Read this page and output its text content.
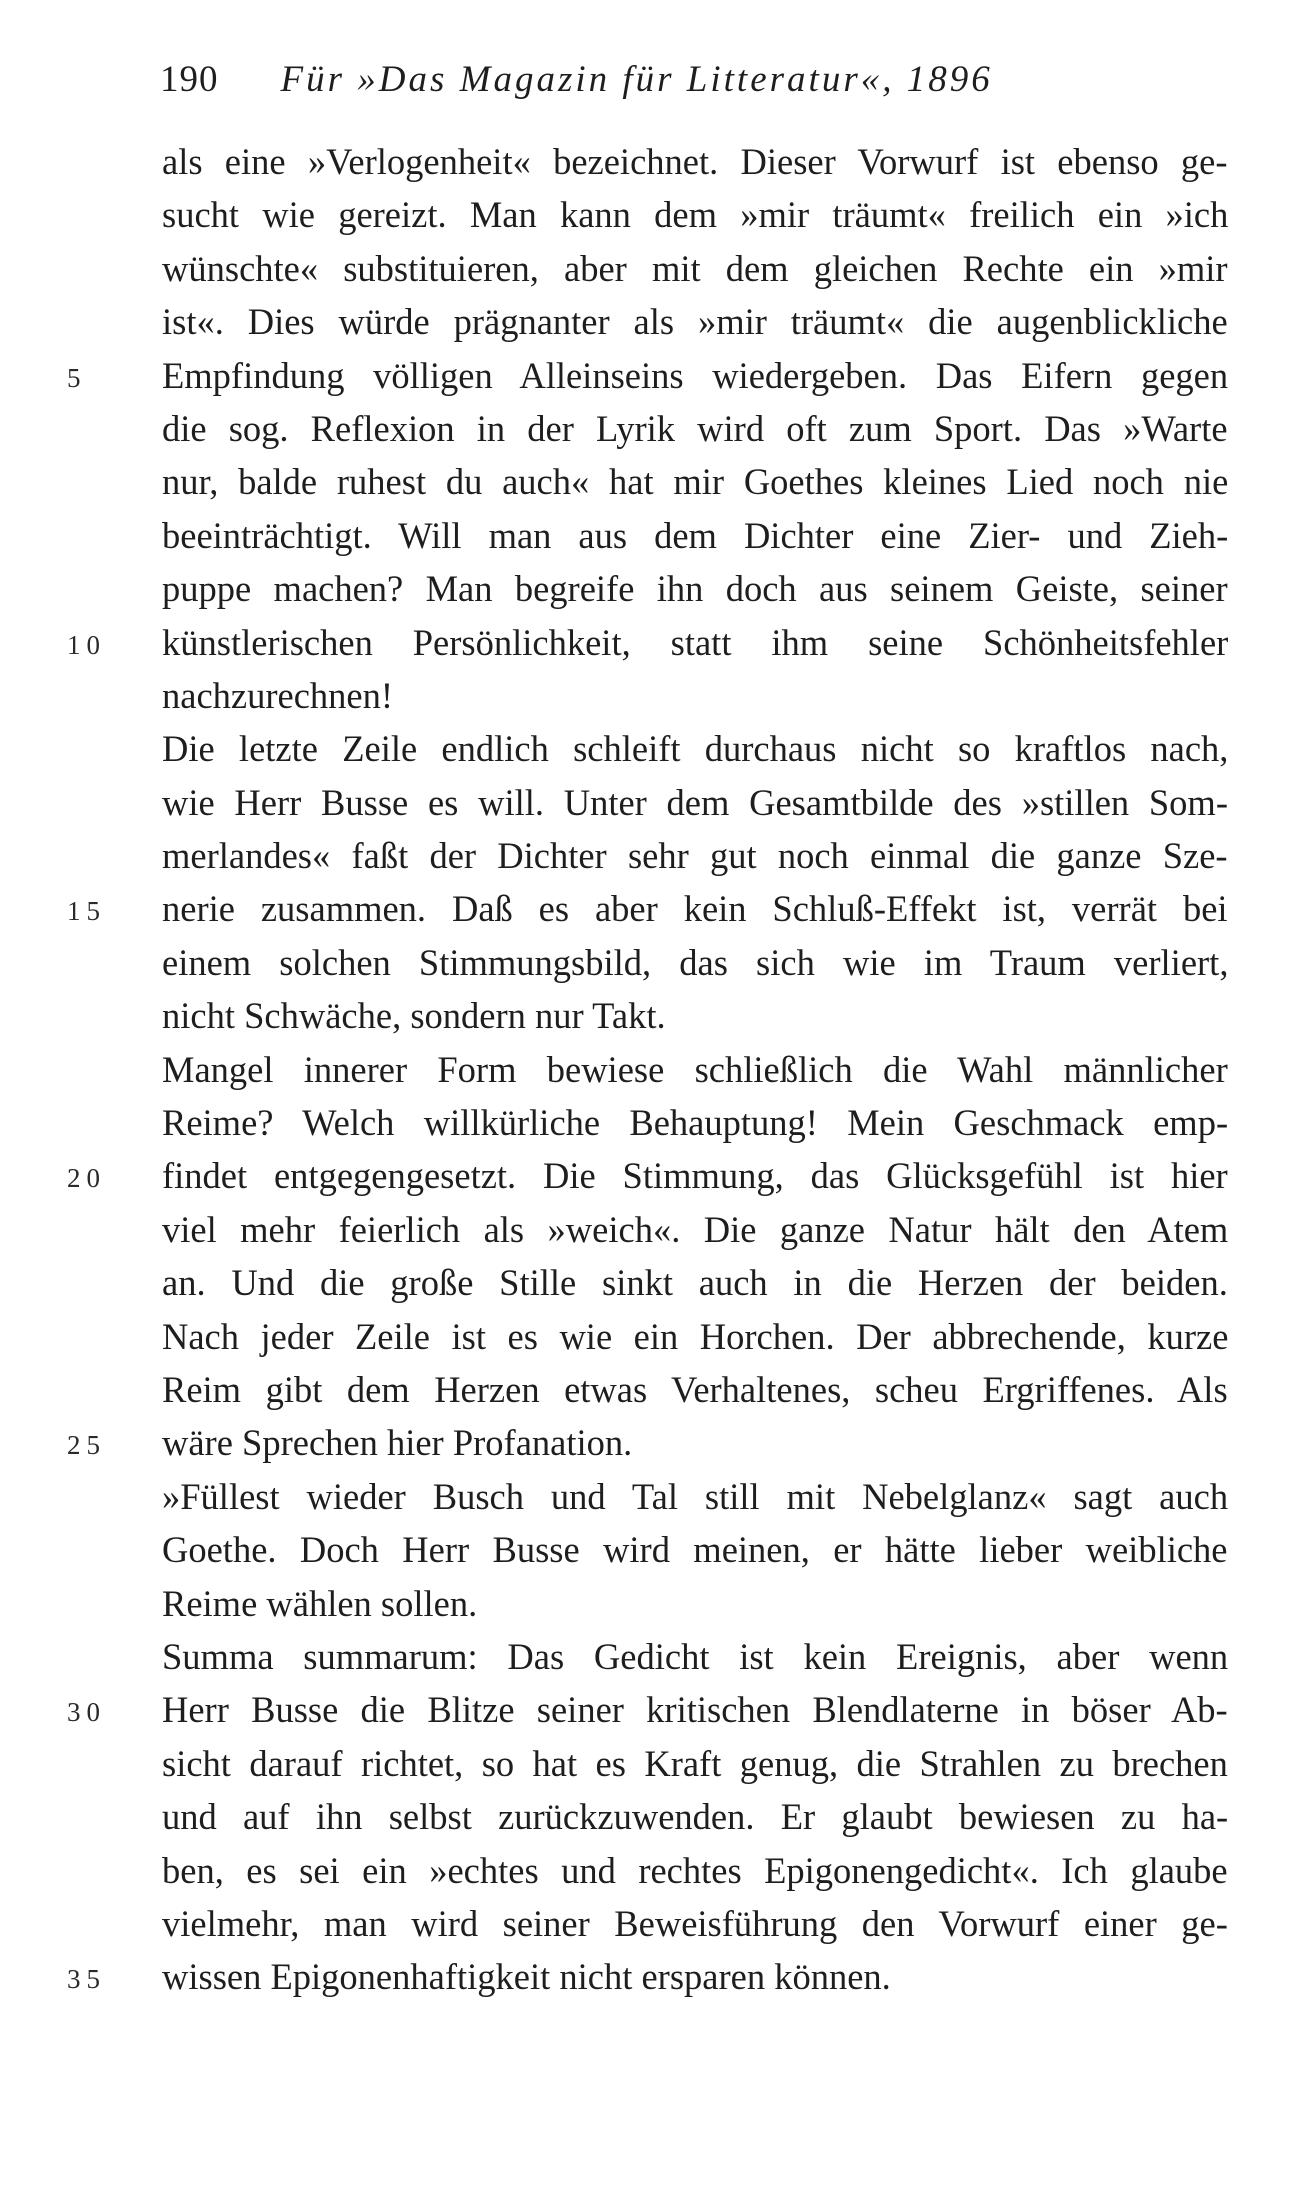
190 Für »Das Magazin für Litteratur«, 1896
als eine »Verlogenheit« bezeichnet. Dieser Vorwurf ist ebenso ge-
sucht wie gereizt. Man kann dem »mir träumt« freilich ein »ich
wünschte« substituieren, aber mit dem gleichen Rechte ein »mir
ist«. Dies würde prägnanter als »mir träumt« die augenblickliche
5	Empfindung völligen Alleinseins wiedergeben. Das Eifern gegen
die sog. Reflexion in der Lyrik wird oft zum Sport. Das »Warte
nur, balde ruhest du auch« hat mir Goethes kleines Lied noch nie
beeinträchtigt. Will man aus dem Dichter eine Zier- und Zieh-
puppe machen? Man begreife ihn doch aus seinem Geiste, seiner
10	künstlerischen Persönlichkeit, statt ihm seine Schönheitsfehler
nachzurechnen!
Die letzte Zeile endlich schleift durchaus nicht so kraftlos nach,
wie Herr Busse es will. Unter dem Gesamtbilde des »stillen Som-
merlandes« faßt der Dichter sehr gut noch einmal die ganze Sze-
15	nerie zusammen. Daß es aber kein Schluß-Effekt ist, verrät bei
einem solchen Stimmungsbild, das sich wie im Traum verliert,
nicht Schwäche, sondern nur Takt.
Mangel innerer Form bewiese schließlich die Wahl männlicher
Reime? Welch willkürliche Behauptung! Mein Geschmack emp-
20	findet entgegengesetzt. Die Stimmung, das Glücksgefühl ist hier
viel mehr feierlich als »weich«. Die ganze Natur hält den Atem
an. Und die große Stille sinkt auch in die Herzen der beiden.
Nach jeder Zeile ist es wie ein Horchen. Der abbrechende, kurze
Reim gibt dem Herzen etwas Verhaltenes, scheu Ergriffenes. Als
25	wäre Sprechen hier Profanation.
»Füllest wieder Busch und Tal still mit Nebelglanz« sagt auch
Goethe. Doch Herr Busse wird meinen, er hätte lieber weibliche
Reime wählen sollen.
Summa summarum: Das Gedicht ist kein Ereignis, aber wenn
30	Herr Busse die Blitze seiner kritischen Blendlaterne in böser Ab-
sicht darauf richtet, so hat es Kraft genug, die Strahlen zu brechen
und auf ihn selbst zurückzuwenden. Er glaubt bewiesen zu ha-
ben, es sei ein »echtes und rechtes Epigonengedicht«. Ich glaube
vielmehr, man wird seiner Beweisführung den Vorwurf einer ge-
35	wissen Epigonenhaftigkeit nicht ersparen können.
